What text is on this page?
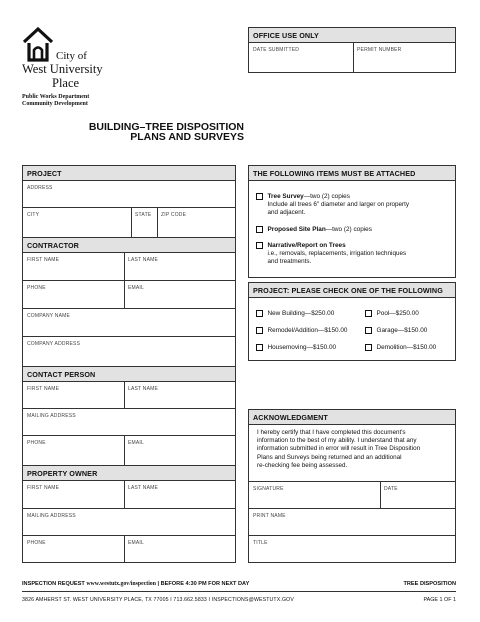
City of
West University
Place
Public Works Department
Community Development
BUILDING–TREE DISPOSITION
PLANS AND SURVEYS
OFFICE USE ONLY
DATE SUBMITTED	PERMIT NUMBER
PROJECT
ADDRESS
CITY	STATE ZIP CODE
CONTRACTOR
FIRST NAME	LAST NAME
PHONE	EMAIL
COMPANY NAME
COMPANY ADDRESS
CONTACT PERSON
FIRST NAME	LAST NAME
MAILING ADDRESS
PHONE	EMAIL
PROPERTY OWNER
FIRST NAME	LAST NAME
MAILING ADDRESS
PHONE	EMAIL
THE FOLLOWING ITEMS MUST BE ATTACHED
Tree Survey—two (2) copies
Include all trees 6" diameter and larger on property
and adjacent.
Proposed Site Plan—two (2) copies
Narrative/Report on Trees
i.e., removals, replacements, irrigation techniques
and treatments.
PROJECT: PLEASE CHECK ONE OF THE FOLLOWING
New Building—$250.00
Remodel/Addition—$150.00
Housemoving—$150.00
Pool—$250.00
Garage—$150.00
Demolition—$150.00
ACKNOWLEDGMENT
I hereby certify that I have completed this document's
information to the best of my ability. I understand that any
information submitted in error will result in Tree Disposition
Plans and Surveys being returned and an additional
re-checking fee being assessed.
SIGNATURE	DATE
PRINT NAME
TITLE
INSPECTION REQUEST www.westutx.gov/inspection | BEFORE 4:30 PM FOR NEXT DAY	TREE DISPOSITION
3826 AMHERST ST. WEST UNIVERSITY PLACE, TX 77005 I 713.662.5833 I INSPECTIONS@WESTUTX.GOV	PAGE 1 OF 1
